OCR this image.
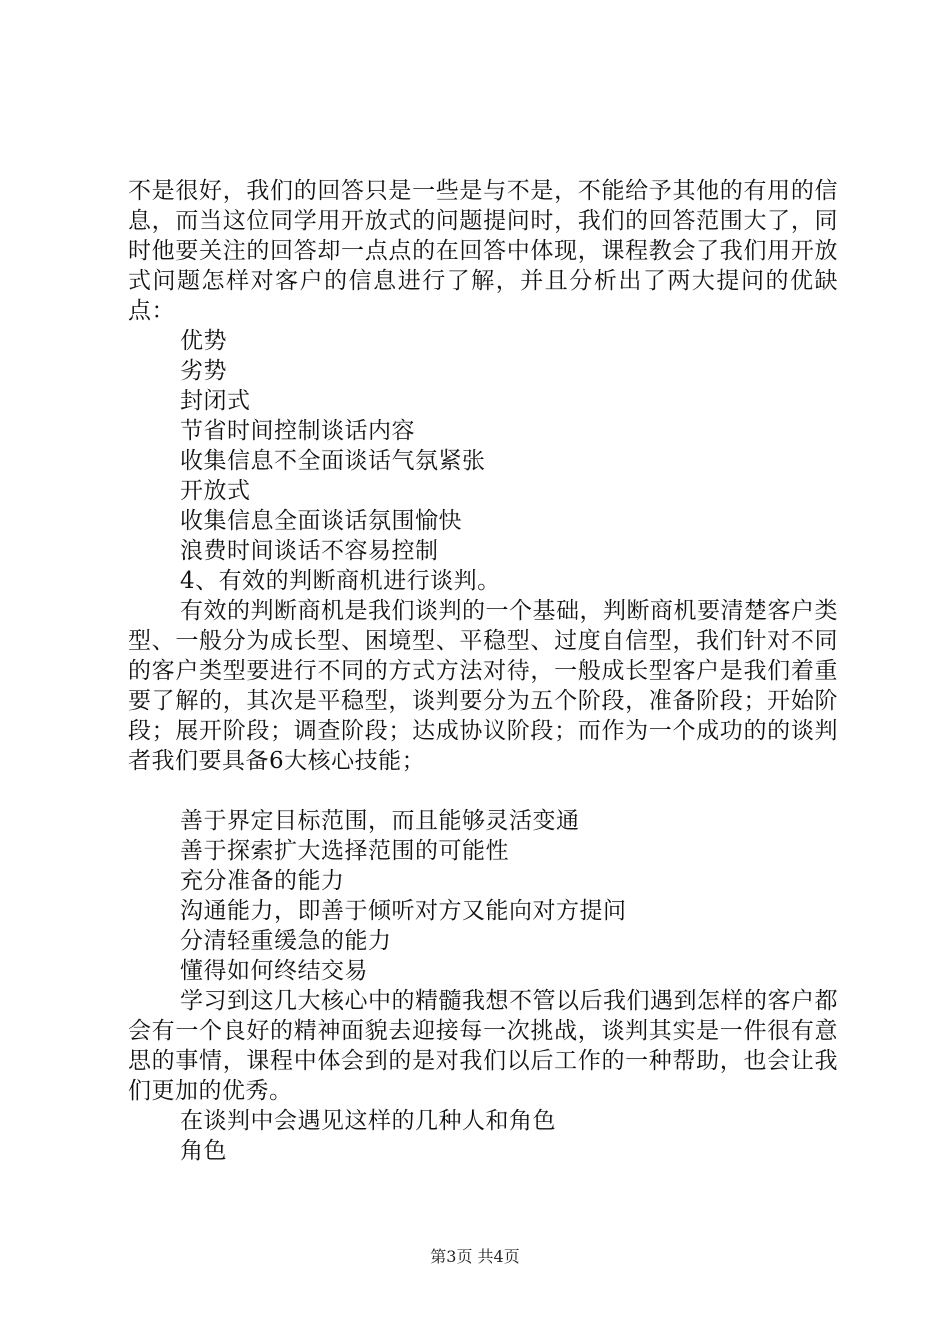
不是很好，我们的回答只是一些是与不是，不能给予其他的有用的信息，而当这位同学用开放式的问题提问时，我们的回答范围大了，同时他要关注的回答却一点点的在回答中体现，课程教会了我们用开放式问题怎样对客户的信息进行了解，并且分析出了两大提问的优缺点：

优势

劣势

封闭式

节省时间控制谈话内容

收集信息不全面谈话气氛紧张

开放式

收集信息全面谈话氛围愉快

浪费时间谈话不容易控制

4、有效的判断商机进行谈判。

有效的判断商机是我们谈判的一个基础，判断商机要清楚客户类型、一般分为成长型、困境型、平稳型、过度自信型，我们针对不同的客户类型要进行不同的方式方法对待，一般成长型客户是我们着重要了解的，其次是平稳型，谈判要分为五个阶段，准备阶段；开始阶段；展开阶段；调查阶段；达成协议阶段；而作为一个成功的的谈判者我们要具备6大核心技能；

善于界定目标范围，而且能够灵活变通

善于探索扩大选择范围的可能性

充分准备的能力

沟通能力，即善于倾听对方又能向对方提问

分清轻重缓急的能力

懂得如何终结交易

学习到这几大核心中的精髓我想不管以后我们遇到怎样的客户都会有一个良好的精神面貌去迎接每一次挑战，谈判其实是一件很有意思的事情，课程中体会到的是对我们以后工作的一种帮助，也会让我们更加的优秀。

在谈判中会遇见这样的几种人和角色

角色

第3页 共4页
